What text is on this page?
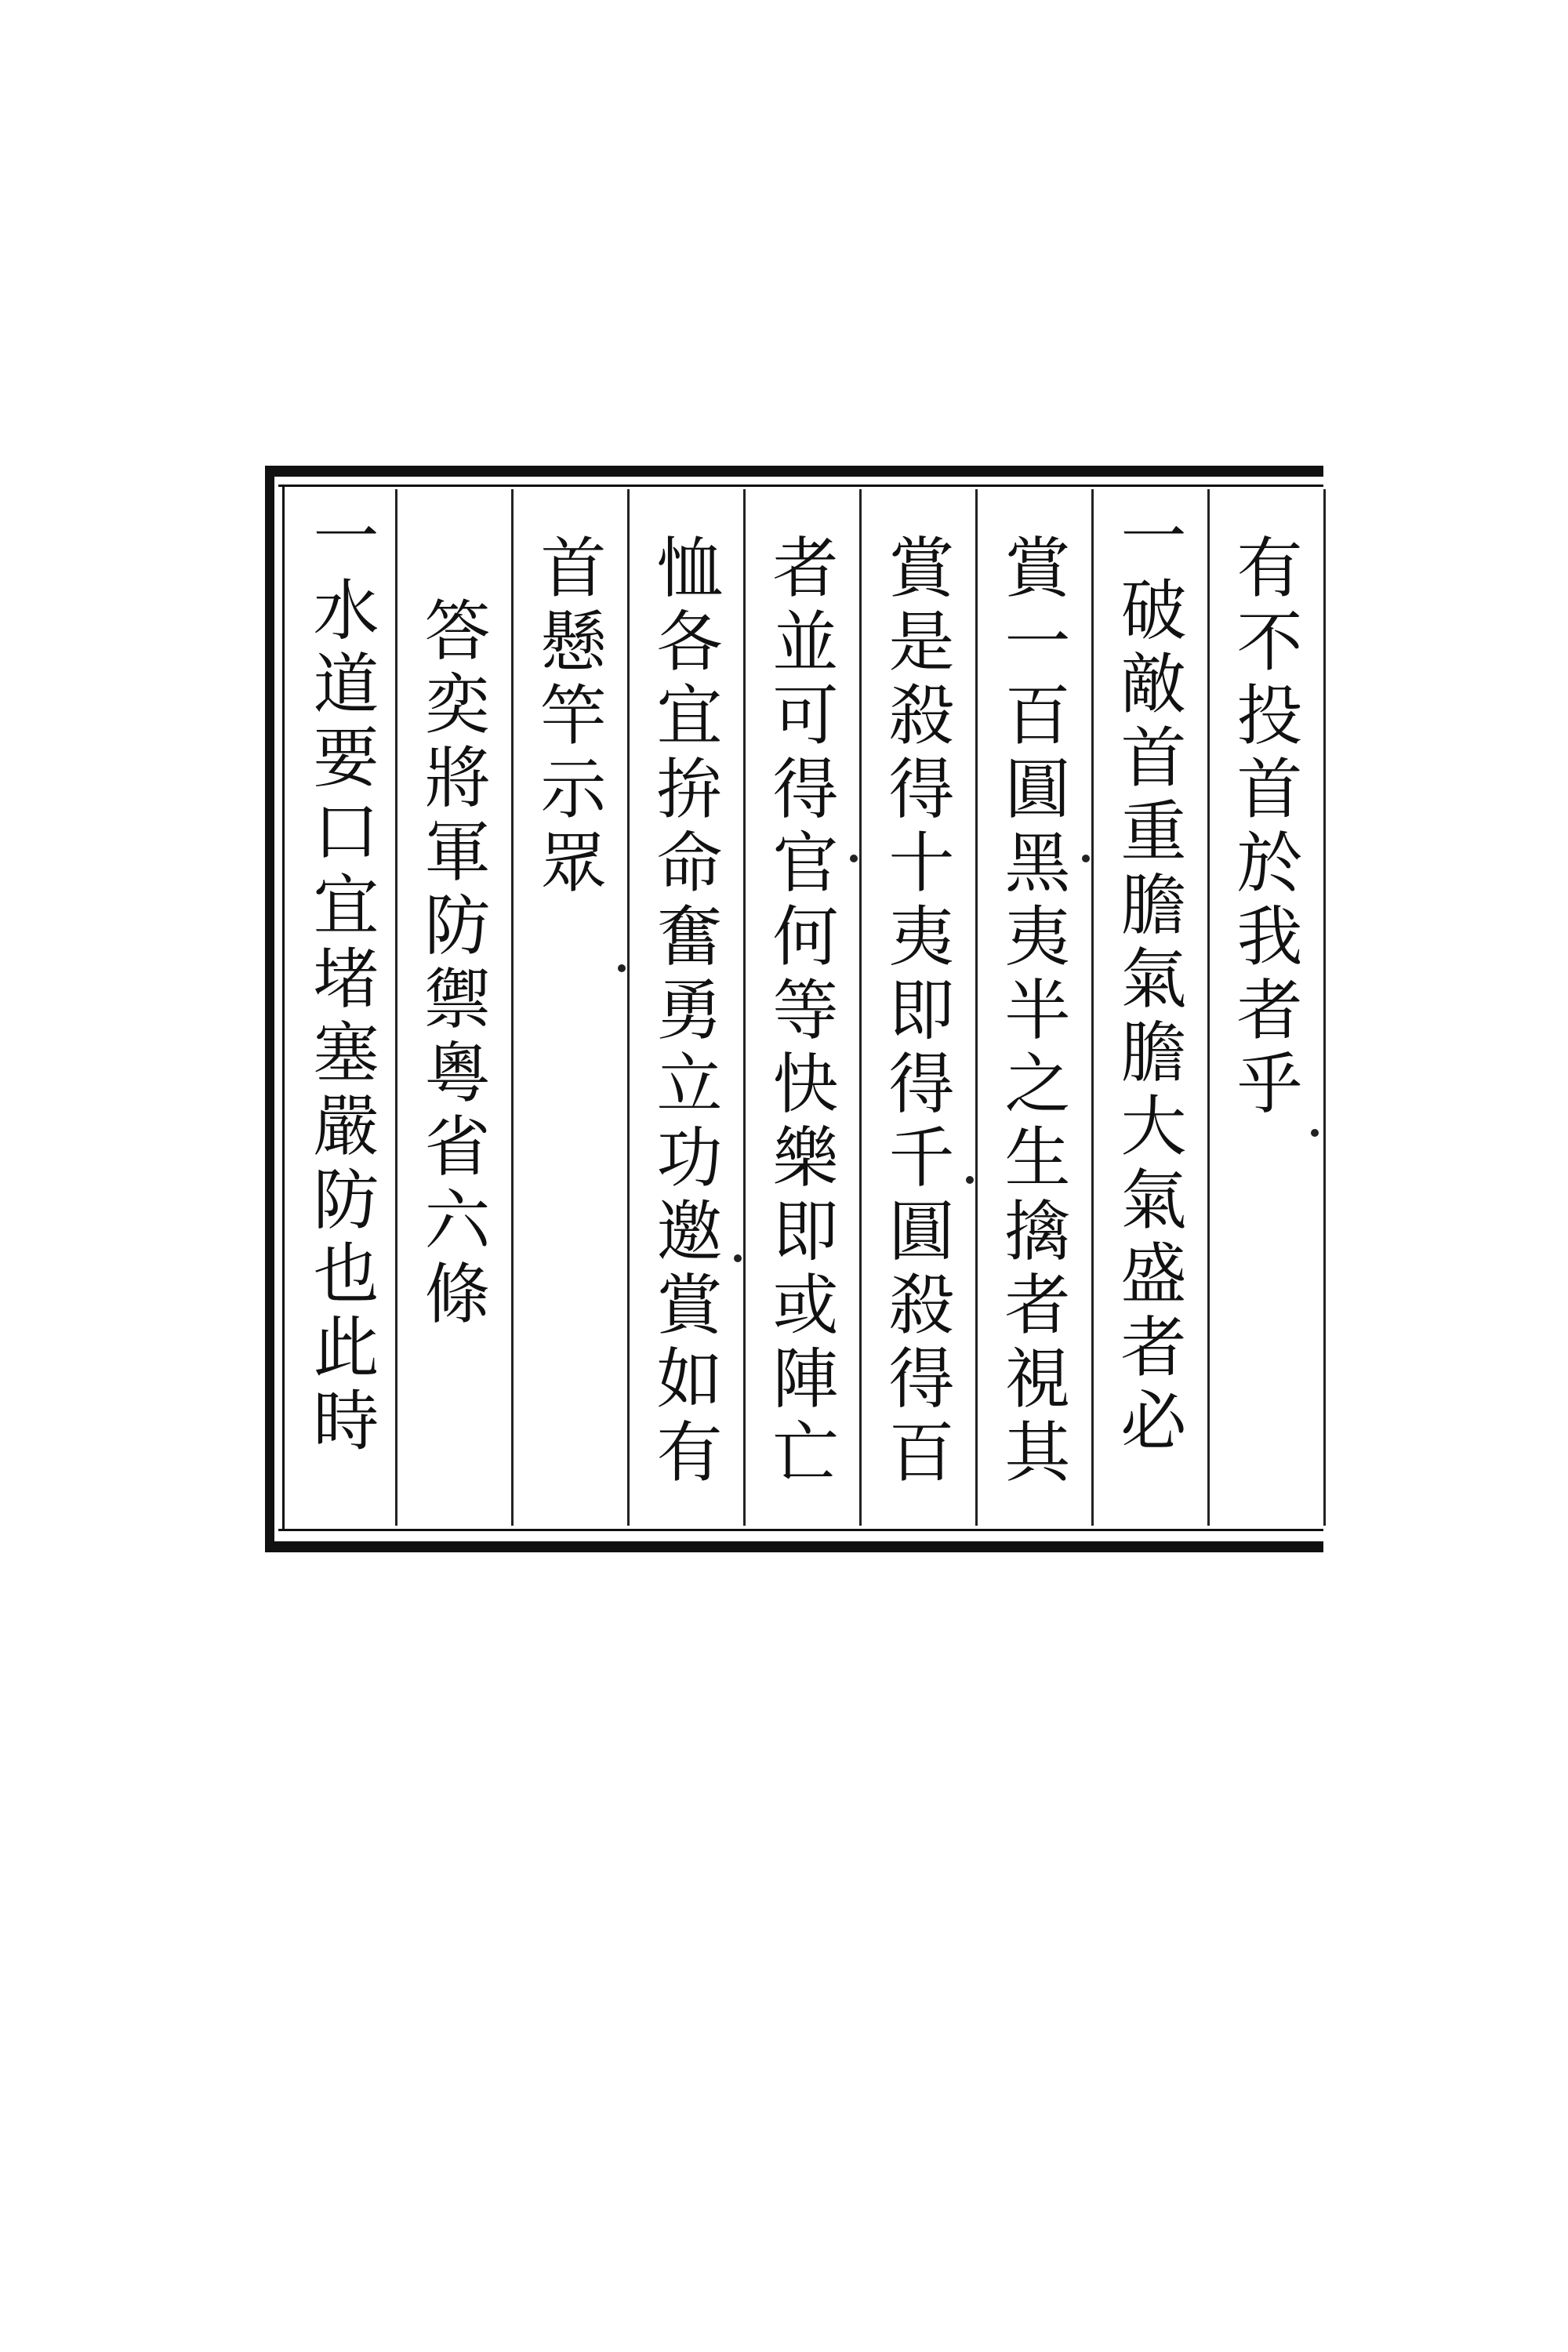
有不投首於我者乎
一破敵首重膽氣膽大氣盛者必
賞一百圓黑夷半之生擒者視其
賞是殺得十夷即得千圓殺得百
者並可得官何等快樂即或陣亡
恤各宜拚命奮勇立功邀賞如有
首懸竿示眾
答奕將軍防禦粵省六條
一水道要口宜堵塞嚴防也此時
